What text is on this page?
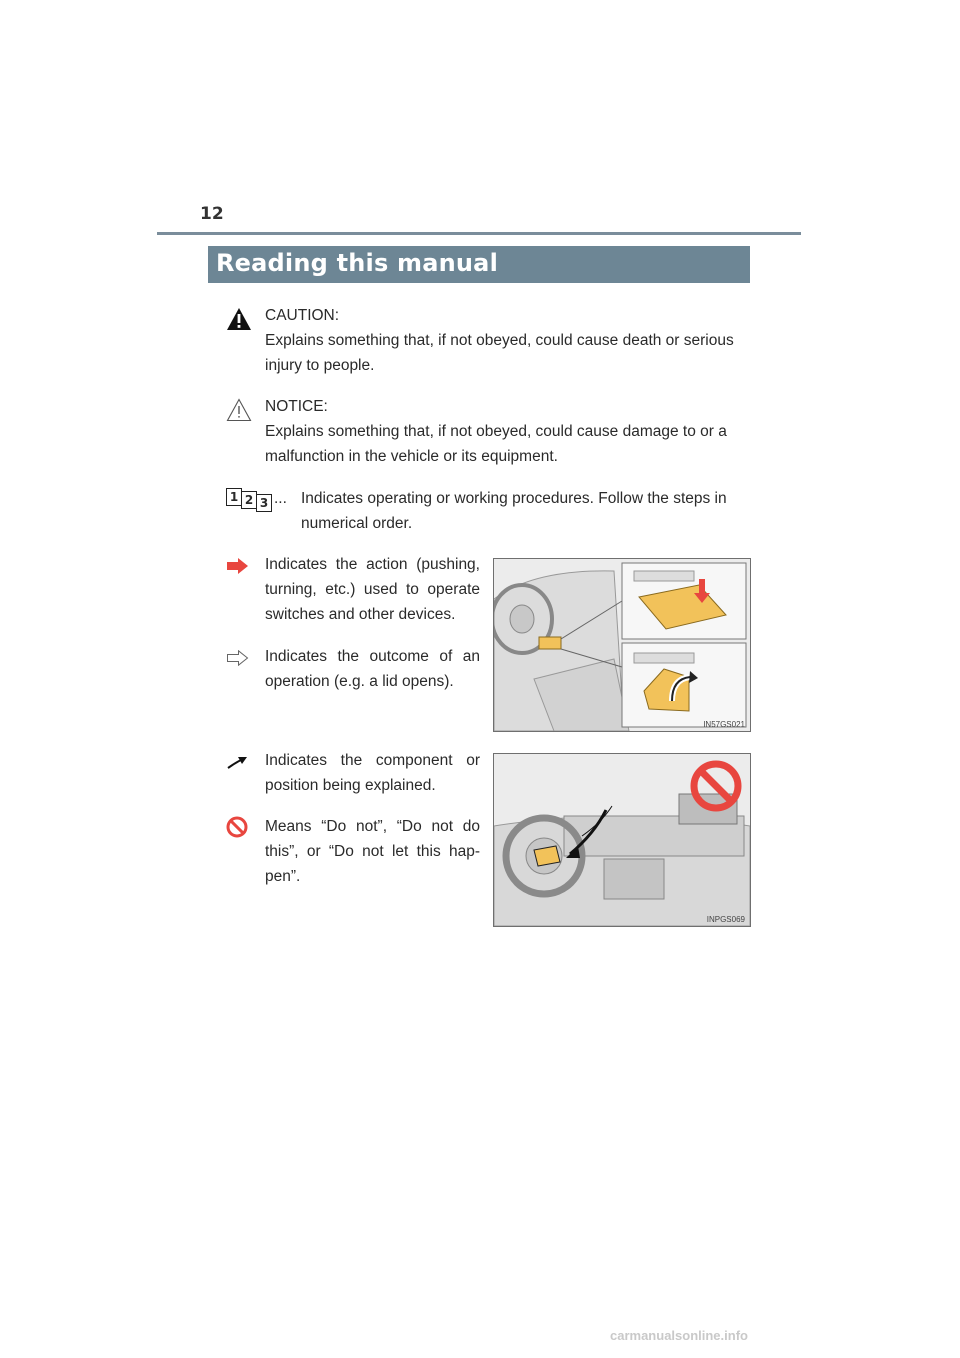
12
Reading this manual
CAUTION:
Explains something that, if not obeyed, could cause death or serious injury to people.
NOTICE:
Explains something that, if not obeyed, could cause damage to or a malfunction in the vehicle or its equipment.
1 2 3 ... Indicates operating or working procedures. Follow the steps in numerical order.
Indicates the action (pushing, turning, etc.) used to operate switches and other devices.
Indicates the outcome of an operation (e.g. a lid opens).
Indicates the component or position being explained.
Means “Do not”, “Do not do this”, or “Do not let this hap-pen”.
IN57GS021
INPGS069
carmanualsonline.info
